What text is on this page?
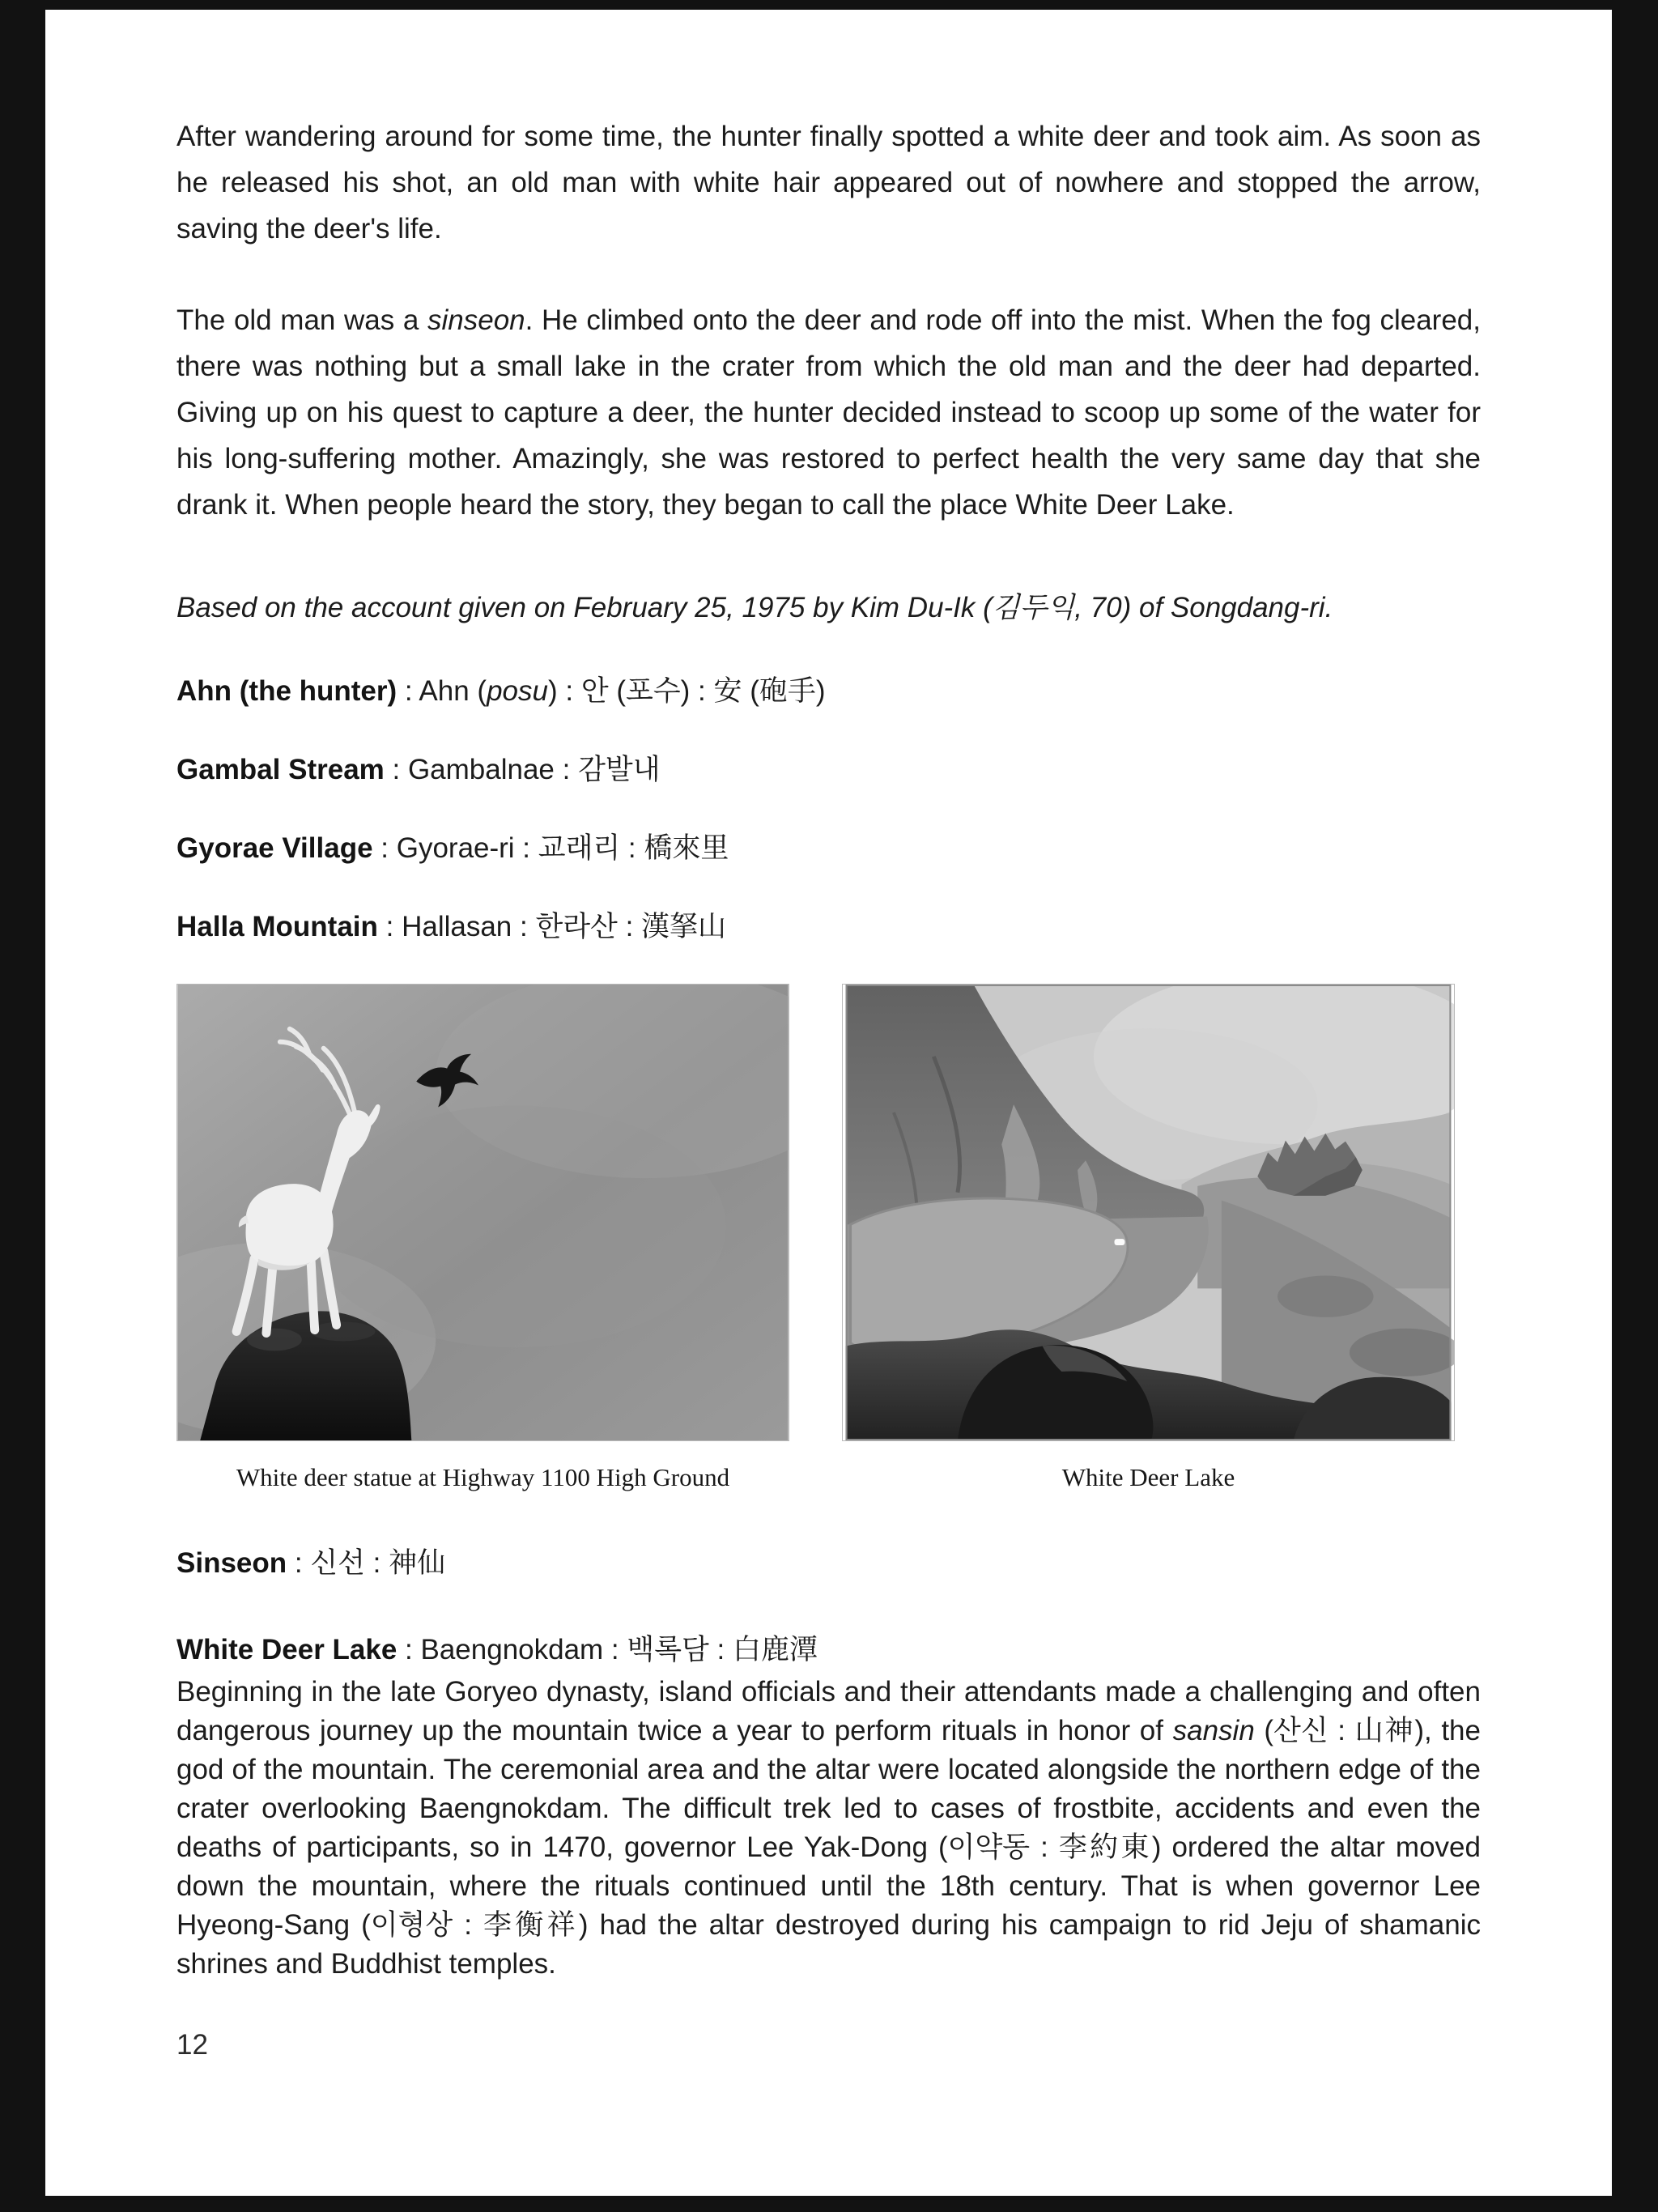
After wandering around for some time, the hunter finally spotted a white deer and took aim. As soon as he released his shot, an old man with white hair appeared out of nowhere and stopped the arrow, saving the deer's life.

The old man was a sinseon. He climbed onto the deer and rode off into the mist. When the fog cleared, there was nothing but a small lake in the crater from which the old man and the deer had departed. Giving up on his quest to capture a deer, the hunter decided instead to scoop up some of the water for his long-suffering mother. Amazingly, she was restored to perfect health the very same day that she drank it. When people heard the story, they began to call the place White Deer Lake.

Based on the account given on February 25, 1975 by Kim Du-Ik (김두익, 70) of Songdang-ri.

Ahn (the hunter) : Ahn (posu) : 안 (포수) : 安 (砲手)

Gambal Stream : Gambalnae : 감발내

Gyorae Village : Gyorae-ri : 교래리 : 橋來里

Halla Mountain : Hallasan : 한라산 : 漢拏山

White deer statue at Highway 1100 High Ground	White Deer Lake

Sinseon : 신선 : 神仙

White Deer Lake : Baengnokdam : 백록담 : 白鹿潭

Beginning in the late Goryeo dynasty, island officials and their attendants made a challenging and often dangerous journey up the mountain twice a year to perform rituals in honor of sansin (산신 : 山神), the god of the mountain. The ceremonial area and the altar were located alongside the northern edge of the crater overlooking Baengnokdam. The difficult trek led to cases of frostbite, accidents and even the deaths of participants, so in 1470, governor Lee Yak-Dong (이약동 : 李約東) ordered the altar moved down the mountain, where the rituals continued until the 18th century. That is when governor Lee Hyeong-Sang (이형상 : 李衡祥) had the altar destroyed during his campaign to rid Jeju of shamanic shrines and Buddhist temples.

12
